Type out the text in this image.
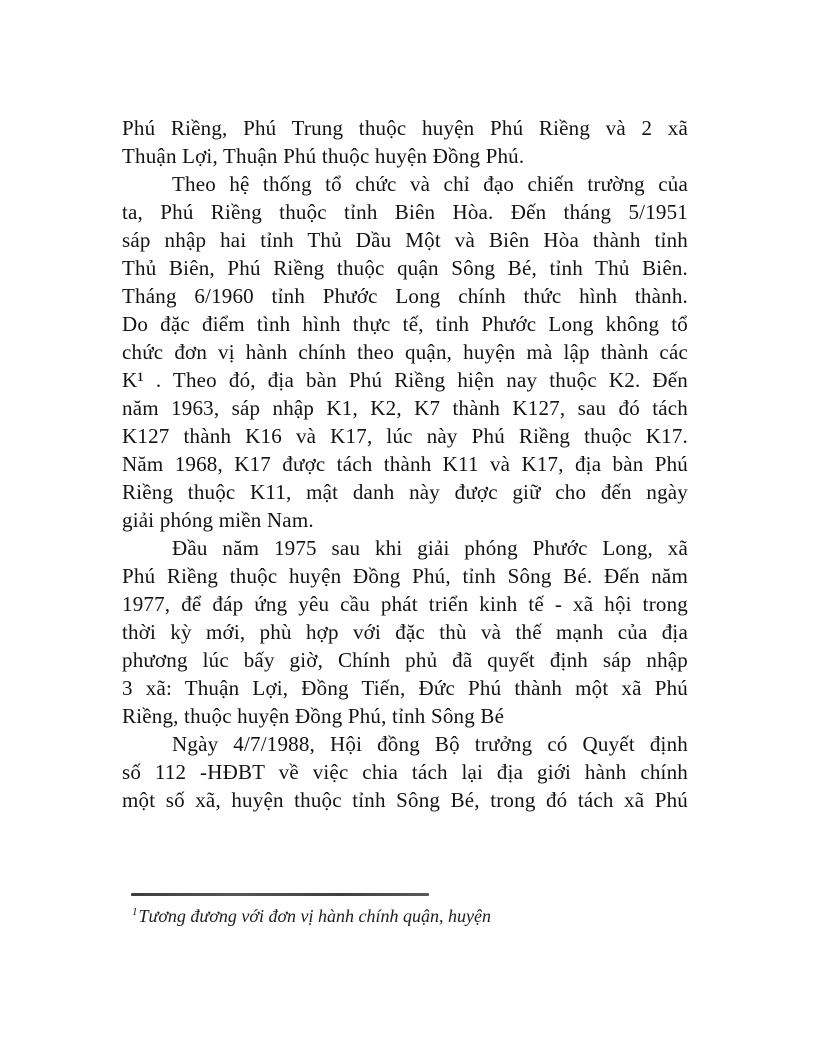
Phú Riềng, Phú Trung thuộc huyện Phú Riềng và 2 xã
Thuận Lợi, Thuận Phú thuộc huyện Đồng Phú.
Theo hệ thống tổ chức và chỉ đạo chiến trường của
ta, Phú Riềng thuộc tỉnh Biên Hòa. Đến tháng 5/1951
sáp nhập hai tỉnh Thủ Dầu Một và Biên Hòa thành tỉnh
Thủ Biên, Phú Riềng thuộc quận Sông Bé, tỉnh Thủ Biên.
Tháng 6/1960 tỉnh Phước Long chính thức hình thành.
Do đặc điểm tình hình thực tế, tỉnh Phước Long không tổ
chức đơn vị hành chính theo quận, huyện mà lập thành các
K¹ . Theo đó, địa bàn Phú Riềng hiện nay thuộc K2. Đến
năm 1963, sáp nhập K1, K2, K7 thành K127, sau đó tách
K127 thành K16 và K17, lúc này Phú Riềng thuộc K17.
Năm 1968, K17 được tách thành K11 và K17, địa bàn Phú
Riềng thuộc K11, mật danh này được giữ cho đến ngày
giải phóng miền Nam.
Đầu năm 1975 sau khi giải phóng Phước Long, xã
Phú Riềng thuộc huyện Đồng Phú, tỉnh Sông Bé. Đến năm
1977, để đáp ứng yêu cầu phát triển kinh tế - xã hội trong
thời kỳ mới, phù hợp với đặc thù và thế mạnh của địa
phương lúc bấy giờ, Chính phủ đã quyết định sáp nhập
3 xã: Thuận Lợi, Đồng Tiến, Đức Phú thành một xã Phú
Riềng, thuộc huyện Đồng Phú, tỉnh Sông Bé
Ngày 4/7/1988, Hội đồng Bộ trưởng có Quyết định
số 112 -HĐBT về việc chia tách lại địa giới hành chính
một số xã, huyện thuộc tỉnh Sông Bé, trong đó tách xã Phú
$^1$Tương đương với đơn vị hành chính quận, huyện
